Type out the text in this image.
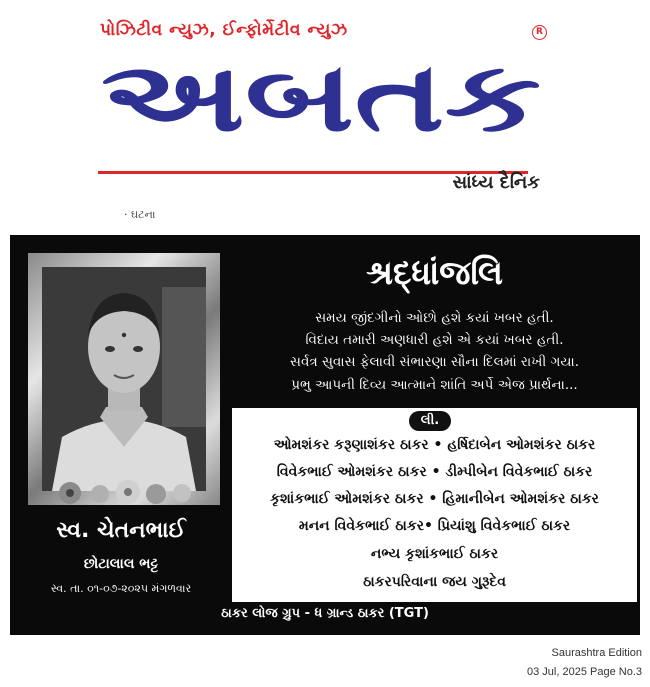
પોઝિટીવ ન્યુઝ, ઈન્ફોર્મેટીવ ન્યુઝ	R
અબતક
સાંધ્ય દૈનિક
· ઘટના
શ્રદ્ધાંજલિ
સમય જીંદગીનો ઓછો હશે કયાં ખબર હતી.
વિદાય તમારી અણધારી હશે એ કયાં ખબર હતી.
સર્વત્ર સુવાસ ફેલાવી સંભારણા સૌના દિલમાં રાખી ગયા.
પ્રભુ આપની દિવ્ય આત્માને શાંતિ અર્પે એજ પ્રાર્થના...
લી.
ઓમશંકર કરૂણાશંકર ઠાકર • હર્ષિદાબેન ઓમશંકર ઠાકર
વિવેકભાઈ ઓમશંકર ઠાકર • ડીમ્પીબેન વિવેકભાઈ ઠાકર
કૃશાંકભાઈ ઓમશંકર ઠાકર • હિમાનીબેન ઓમશંકર ઠાકર
મનન વિવેકભાઈ ઠાકર• પ્રિયાંશુ વિવેકભાઈ ઠાકર
નભ્ય કૃશાંકભાઈ ઠાકર
ઠાકરપરિવાના જય ગુરૂદેવ
સ્વ. ચેતનભાઈ
છોટાલાલ ભટ્ટ
સ્વ. તા. ૦૧-૦૭-૨૦૨૫ મંગળવાર
ઠાકર લોજ ગ્રુપ - ધ ગ્રાન્ડ ઠાકર (TGT)
Saurashtra Edition
03 Jul, 2025 Page No.3
